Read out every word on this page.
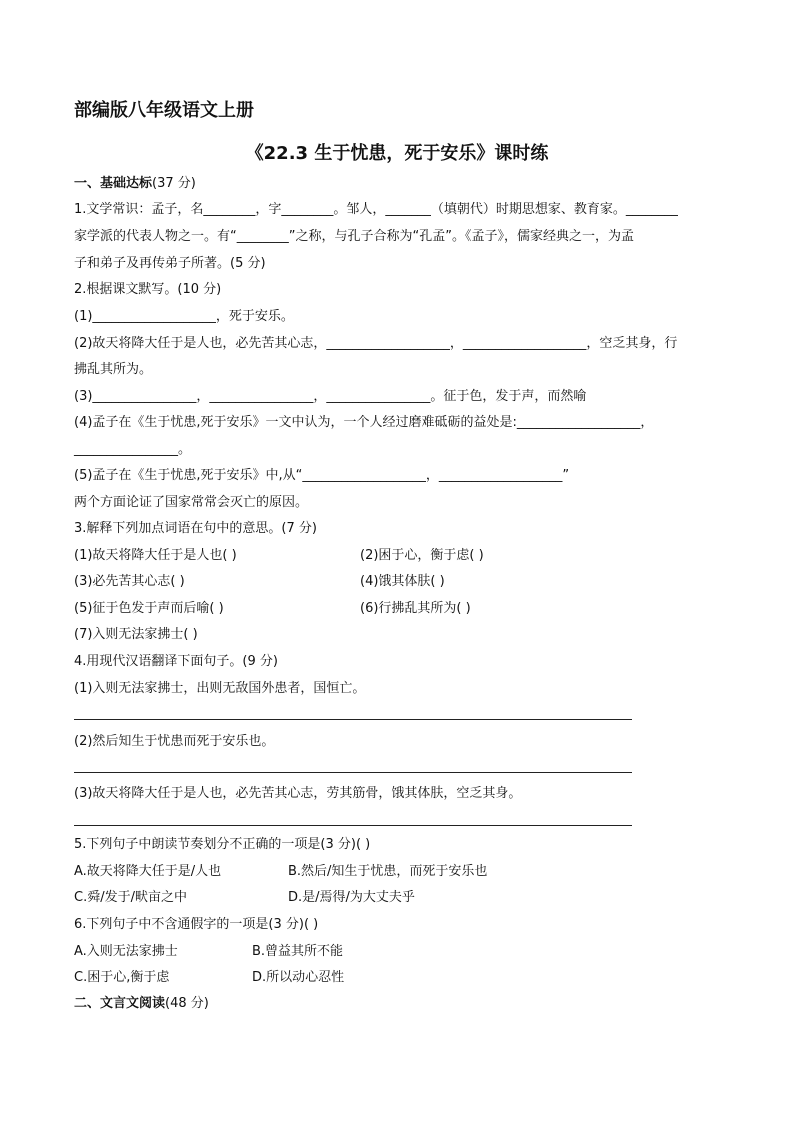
部编版八年级语文上册
《22.3 生于忧患，死于安乐》课时练
一、基础达标(37 分)
1.文学常识：孟子，名________，字________。邹人，_______（填朝代）时期思想家、教育家。________
家学派的代表人物之一。有“________”之称，与孔子合称为“孔孟”。《孟子》，儒家经典之一，为孟
子和弟子及再传弟子所著。(5 分)
2.根据课文默写。(10 分)
(1)___________________，死于安乐。
(2)故天将降大任于是人也，必先苦其心志，___________________，___________________，空乏其身，行
拂乱其所为。
(3)________________，________________，________________。征于色，发于声，而然喻
(4)孟子在《生于忧患,死于安乐》一文中认为，一个人经过磨难砥砺的益处是:___________________，
________________。
(5)孟子在《生于忧患,死于安乐》中,从“___________________，___________________”
两个方面论证了国家常常会灭亡的原因。
3.解释下列加点词语在句中的意思。(7 分)
(1)故天将降大任于是人也( )	(2)困于心，衡于虑( )
(3)必先苦其心志( )	(4)饿其体肤( )
(5)征于色发于声而后喻( )	(6)行拂乱其所为( )
(7)入则无法家拂士( )
4.用现代汉语翻译下面句子。(9 分)
(1)入则无法家拂士，出则无敌国外患者，国恒亡。
(2)然后知生于忧患而死于安乐也。
(3)故天将降大任于是人也，必先苦其心志，劳其筋骨，饿其体肤，空乏其身。
5.下列句子中朗读节奏划分不正确的一项是(3 分)( )
A.故天将降大任于是/人也	B.然后/知生于忧患，而死于安乐也
C.舜/发于/畎亩之中	D.是/焉得/为大丈夫乎
6.下列句子中不含通假字的一项是(3 分)( )
A.入则无法家拂士	B.曾益其所不能
C.困于心,衡于虑	D.所以动心忍性
二、文言文阅读(48 分)
